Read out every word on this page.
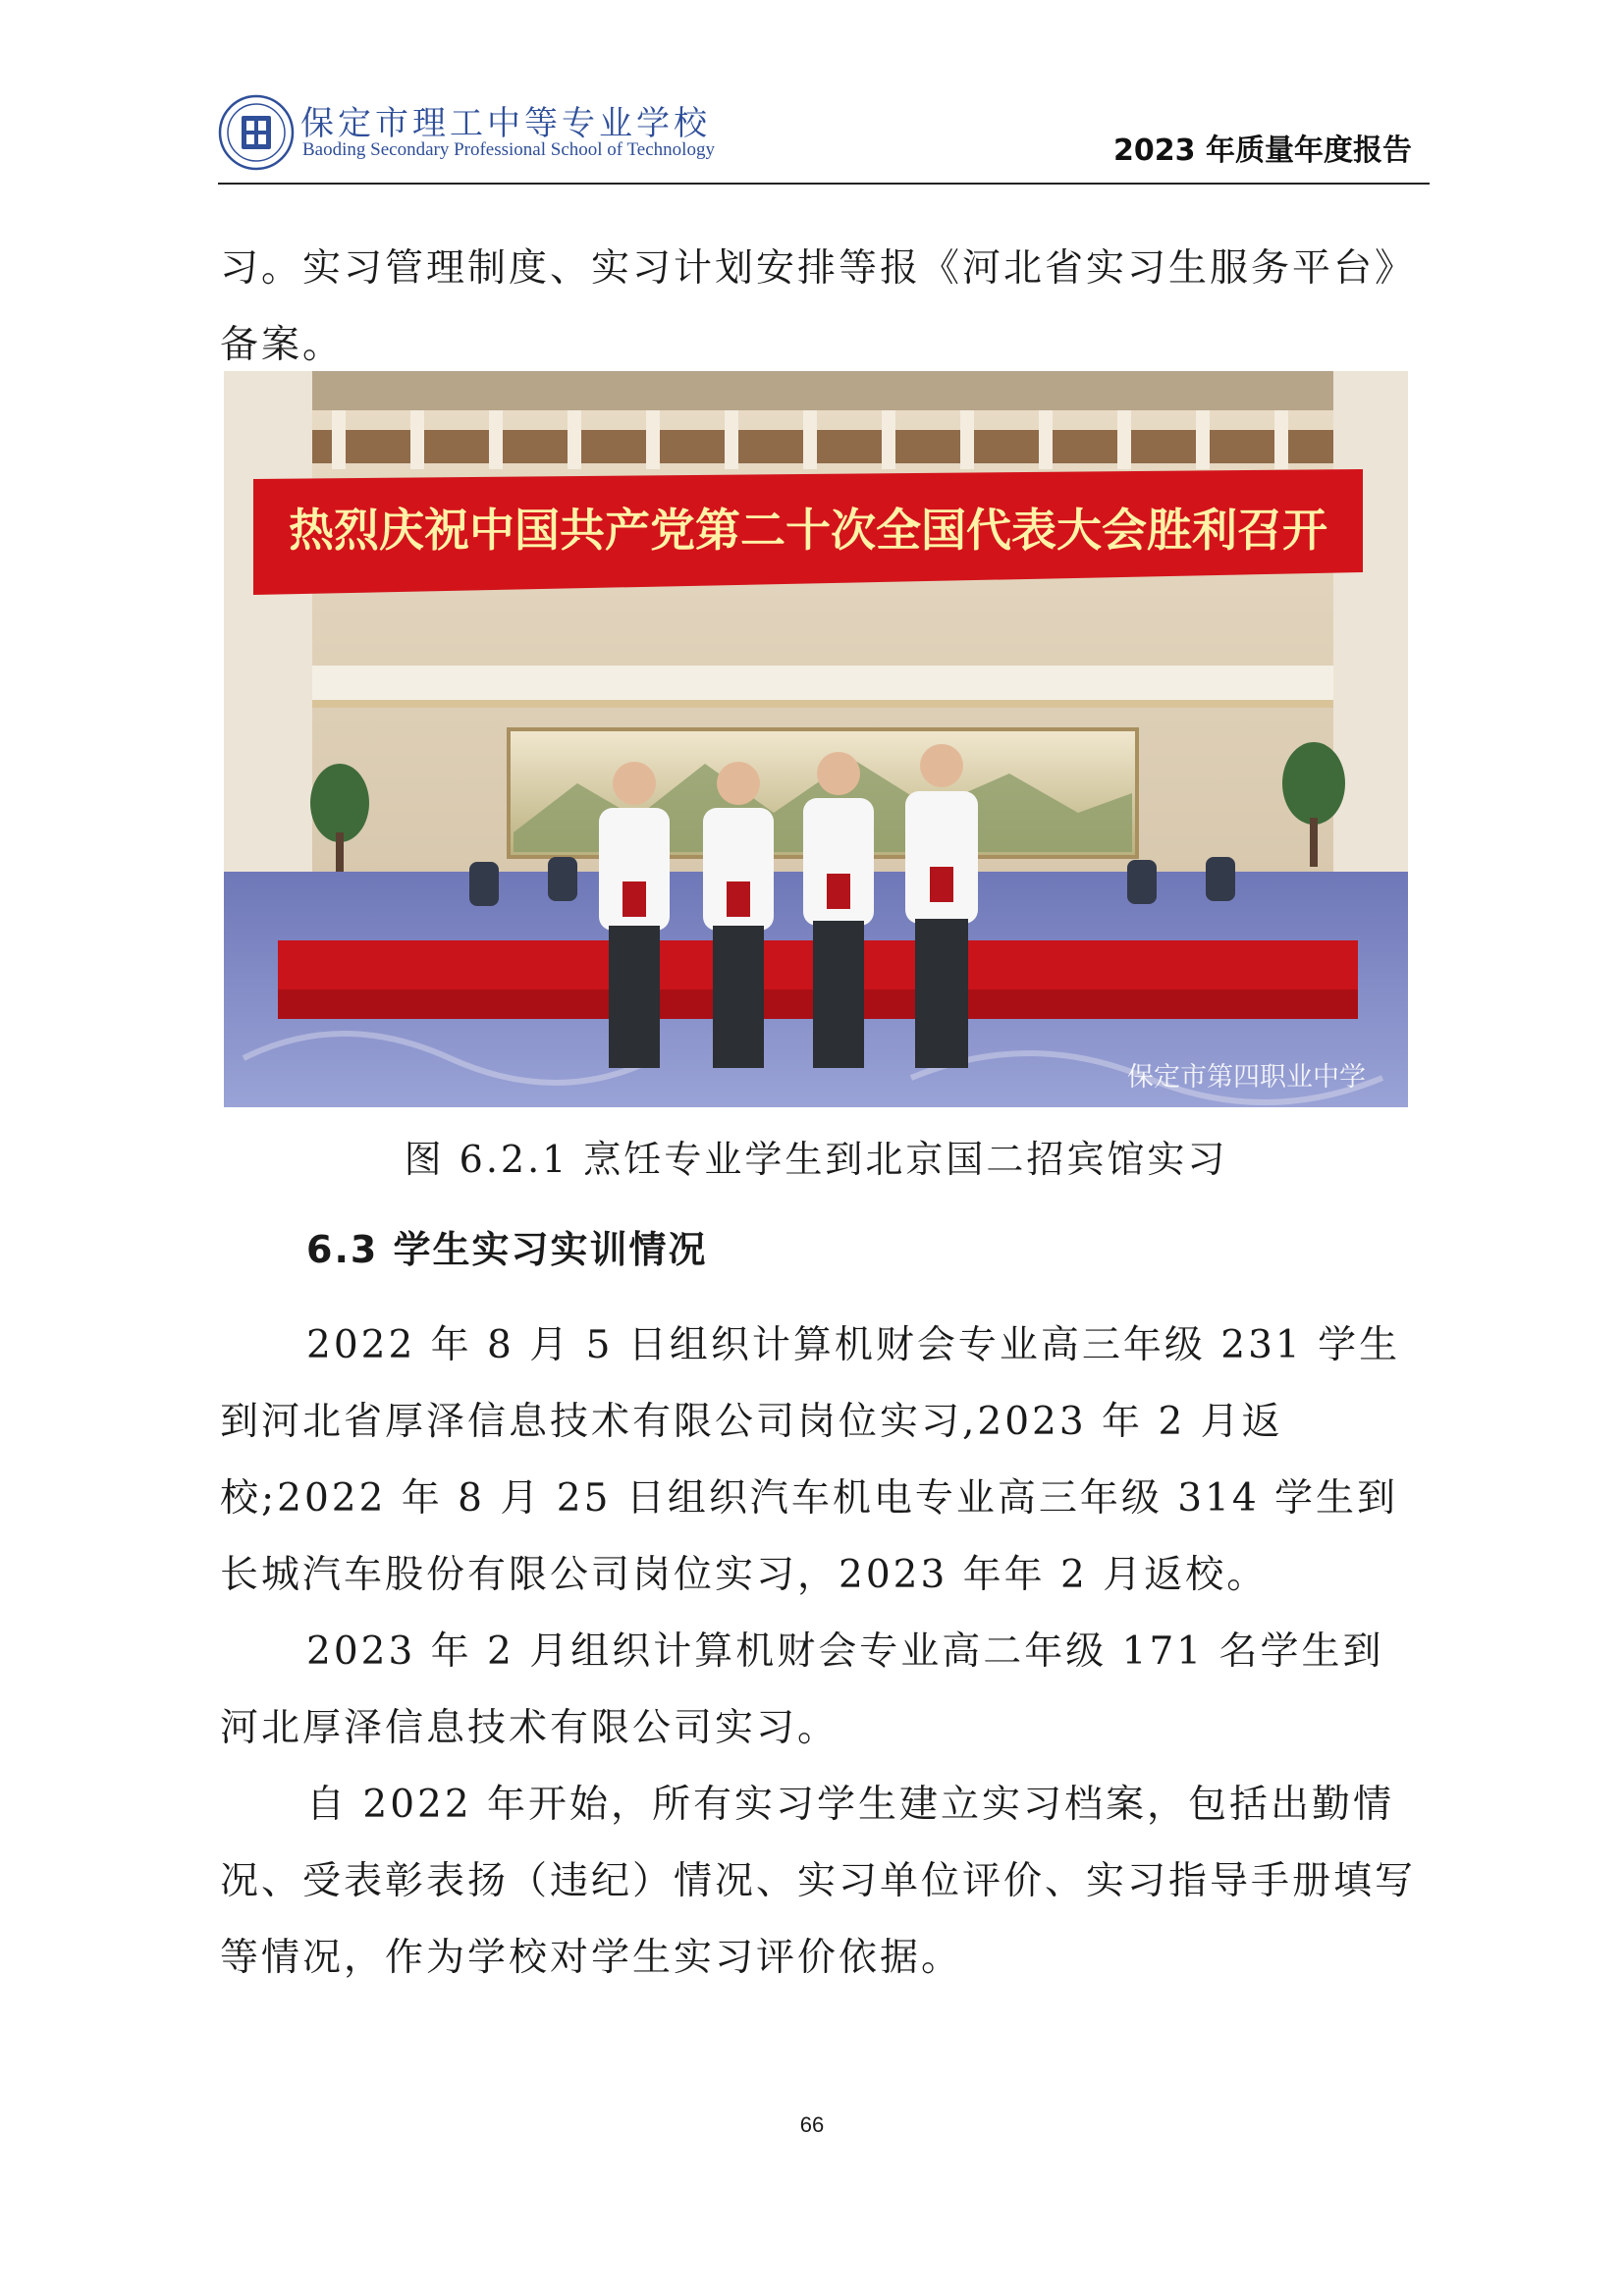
保定市理工中等专业学校
Baoding Secondary Professional School of Technology	2023 年质量年度报告

习。实习管理制度、实习计划安排等报《河北省实习生服务平台》备案。

热烈庆祝中国共产党第二十次全国代表大会胜利召开
保定市第四职业中学
图 6.2.1 烹饪专业学生到北京国二招宾馆实习
6.3 学生实习实训情况

2022 年 8 月 5 日组织计算机财会专业高三年级 231 学生到河北省厚泽信息技术有限公司岗位实习,2023 年 2 月返校;2022 年 8 月 25 日组织汽车机电专业高三年级 314 学生到长城汽车股份有限公司岗位实习，2023 年年 2 月返校。

2023 年 2 月组织计算机财会专业高二年级 171 名学生到河北厚泽信息技术有限公司实习。

自 2022 年开始，所有实习学生建立实习档案，包括出勤情况、受表彰表扬（违纪）情况、实习单位评价、实习指导手册填写等情况，作为学校对学生实习评价依据。

66
